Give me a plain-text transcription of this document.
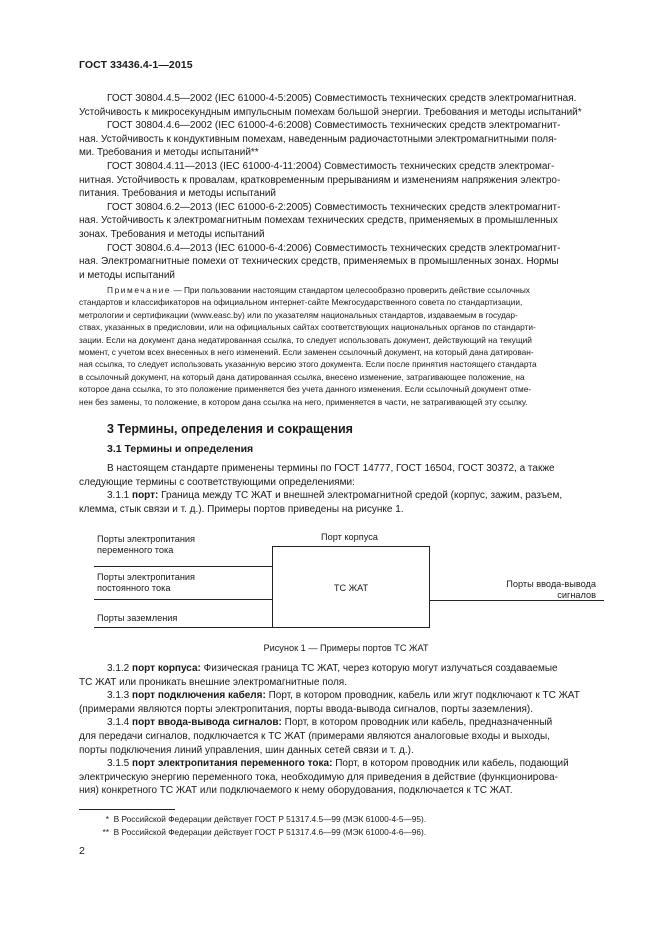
ГОСТ 33436.4-1—2015
ГОСТ 30804.4.5—2002 (IEC 61000-4-5:2005) Совместимость технических средств электромагнитная.
Устойчивость к микросекундным импульсным помехам большой энергии. Требования и методы испытаний*
ГОСТ 30804.4.6—2002 (IEC 61000-4-6:2008) Совместимость технических средств электромагнит-
ная. Устойчивость к кондуктивным помехам, наведенным радиочастотными электромагнитными поля-
ми. Требования и методы испытаний**
ГОСТ 30804.4.11—2013 (IEC 61000-4-11:2004) Совместимость технических средств электромаг-
нитная. Устойчивость к провалам, кратковременным прерываниям и изменениям напряжения электро-
питания. Требования и методы испытаний
ГОСТ 30804.6.2—2013 (IEC 61000-6-2:2005) Совместимость технических средств электромагнит-
ная. Устойчивость к электромагнитным помехам технических средств, применяемых в промышленных
зонах. Требования и методы испытаний
ГОСТ 30804.6.4—2013 (IEC 61000-6-4:2006) Совместимость технических средств электромагнит-
ная. Электромагнитные помехи от технических средств, применяемых в промышленных зонах. Нормы
и методы испытаний
Примечание — При пользовании настоящим стандартом целесообразно проверить действие ссылочных
стандартов и классификаторов на официальном интернет-сайте Межгосударственного совета по стандартизации,
метрологии и сертификации (www.easc.by) или по указателям национальных стандартов, издаваемым в государ-
ствах, указанных в предисловии, или на официальных сайтах соответствующих национальных органов по стандарти-
зации. Если на документ дана недатированная ссылка, то следует использовать документ, действующий на текущий
момент, с учетом всех внесенных в него изменений. Если заменен ссылочный документ, на который дана датирован-
ная ссылка, то следует использовать указанную версию этого документа. Если после принятия настоящего стандарта
в ссылочный документ, на который дана датированная ссылка, внесено изменение, затрагивающее положение, на
которое дана ссылка, то это положение применяется без учета данного изменения. Если ссылочный документ отме-
нен без замены, то положение, в котором дана ссылка на него, применяется в части, не затрагивающей эту ссылку.
3 Термины, определения и сокращения
3.1 Термины и определения
В настоящем стандарте применены термины по ГОСТ 14777, ГОСТ 16504, ГОСТ 30372, а также
следующие термины с соответствующими определениями:
3.1.1 порт: Граница между ТС ЖАТ и внешней электромагнитной средой (корпус, зажим, разъем,
клемма, стык связи и т. д.). Примеры портов приведены на рисунке 1.
ТС ЖАТ
Порт корпуса
Порты электропитания
переменного тока
Порты электропитания
постоянного тока
Порты заземления
Порты ввода-вывода
сигналов
Рисунок 1 — Примеры портов ТС ЖАТ
3.1.2 порт корпуса: Физическая граница ТС ЖАТ, через которую могут излучаться создаваемые
ТС ЖАТ или проникать внешние электромагнитные поля.
3.1.3 порт подключения кабеля: Порт, в котором проводник, кабель или жгут подключают к ТС ЖАТ
(примерами являются порты электропитания, порты ввода-вывода сигналов, порты заземления).
3.1.4 порт ввода-вывода сигналов: Порт, в котором проводник или кабель, предназначенный
для передачи сигналов, подключается к ТС ЖАТ (примерами являются аналоговые входы и выходы,
порты подключения линий управления, шин данных сетей связи и т. д.).
3.1.5 порт электропитания переменного тока: Порт, в котором проводник или кабель, подающий
электрическую энергию переменного тока, необходимую для приведения в действие (функционирова-
ния) конкретного ТС ЖАТ или подключаемого к нему оборудования, подключается к ТС ЖАТ.
* В Российской Федерации действует ГОСТ Р 51317.4.5—99 (МЭК 61000-4-5—95).
** В Российской Федерации действует ГОСТ Р 51317.4.6—99 (МЭК 61000-4-6—96).
2
